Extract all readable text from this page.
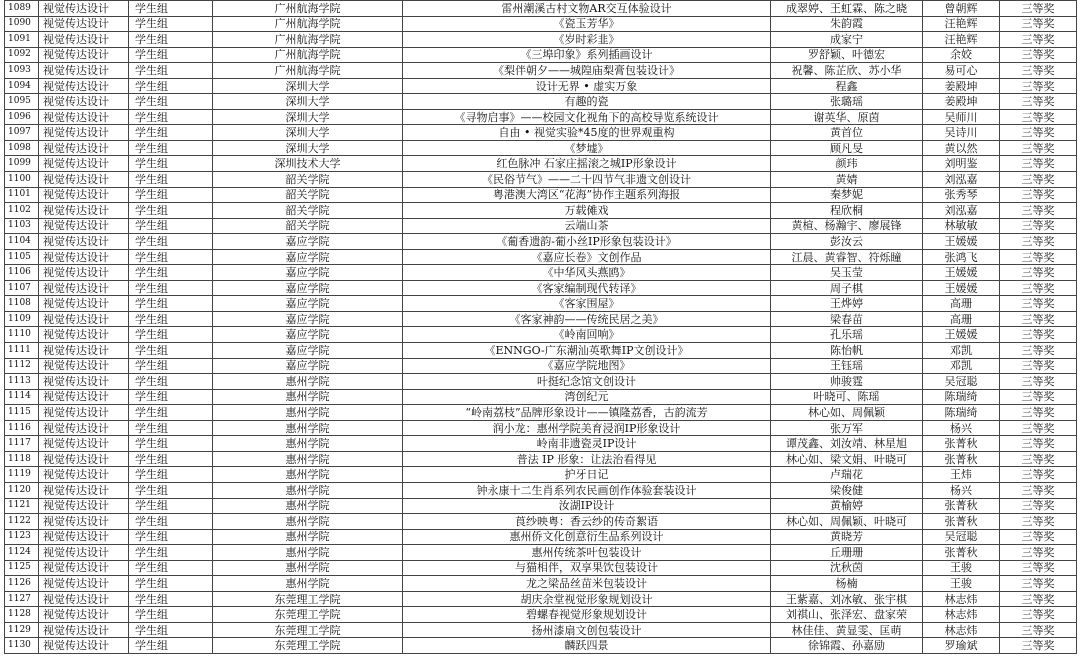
1089	视觉传达设计	学生组	广州航海学院	雷州潮溪古村文物AR交互体验设计	成翠婷、王虹霖、陈之晓	曾朝辉	三等奖
1090	视觉传达设计	学生组	广州航海学院	《瓷玉芳华》	朱韵霞	汪艳辉	三等奖
1091	视觉传达设计	学生组	广州航海学院	《岁时彩韭》	成家宁	汪艳辉	三等奖
1092	视觉传达设计	学生组	广州航海学院	《三埠印象》系列插画设计	罗舒颖、叶德宏	余姣	三等奖
1093	视觉传达设计	学生组	广州航海学院	《梨伴朝夕——城隍庙梨膏包装设计》	祝馨、陈芷欣、苏小华	易可心	三等奖
1094	视觉传达设计	学生组	深圳大学	设计无界 • 虚实万象	程鑫	姜殿坤	三等奖
1095	视觉传达设计	学生组	深圳大学	有趣的瓷	张璐瑶	姜殿坤	三等奖
1096	视觉传达设计	学生组	深圳大学	《寻物启事》——校园文化视角下的高校导览系统设计	谢英华、原茵	吴师川	三等奖
1097	视觉传达设计	学生组	深圳大学	自由 • 视觉实验*45度的世界观重构	黄首位	吴诗川	三等奖
1098	视觉传达设计	学生组	深圳大学	《梦墟》	顾凡旻	黄以然	三等奖
1099	视觉传达设计	学生组	深圳技术大学	红色脉冲 石家庄摇滚之城IP形象设计	颜玮	刘明鉴	三等奖
1100	视觉传达设计	学生组	韶关学院	《民俗节气》——二十四节气非遗文创设计	黄婧	刘泓嘉	三等奖
1101	视觉传达设计	学生组	韶关学院	粤港澳大湾区“花海”协作主题系列海报	秦梦妮	张秀琴	三等奖
1102	视觉传达设计	学生组	韶关学院	万载傩戏	程欣桐	刘泓嘉	三等奖
1103	视觉传达设计	学生组	韶关学院	云端山茶	黄楦、杨瀚宇、廖展锋	林敏敏	三等奖
1104	视觉传达设计	学生组	嘉应学院	《葡香遗韵-葡小丝IP形象包装设计》	彭汝云	王媛媛	三等奖
1105	视觉传达设计	学生组	嘉应学院	《嘉应长卷》文创作品	江晨、黄睿智、符烁瞳	张鸿飞	三等奖
1106	视觉传达设计	学生组	嘉应学院	《中华风头燕鸥》	吴玉莹	王媛媛	三等奖
1107	视觉传达设计	学生组	嘉应学院	《客家编制现代转译》	周子棋	王媛媛	三等奖
1108	视觉传达设计	学生组	嘉应学院	《客家围屋》	王烨婷	高珊	三等奖
1109	视觉传达设计	学生组	嘉应学院	《客家神韵——传统民居之美》	梁春苗	高珊	三等奖
1110	视觉传达设计	学生组	嘉应学院	《岭南回响》	孔乐瑶	王媛媛	三等奖
1111	视觉传达设计	学生组	嘉应学院	《ENNGO-广东潮汕英歌舞IP文创设计》	陈怡帆	邓凯	三等奖
1112	视觉传达设计	学生组	嘉应学院	《嘉应学院地图》	王钰瑶	邓凯	三等奖
1113	视觉传达设计	学生组	惠州学院	叶挺纪念馆文创设计	帅骏霆	吴冠聪	三等奖
1114	视觉传达设计	学生组	惠州学院	湾创纪元	叶晓可、陈瑶	陈瑞绮	三等奖
1115	视觉传达设计	学生组	惠州学院	“岭南荔枝”品牌形象设计——镇隆荔香，古韵流芳	林心如、周佩颖	陈瑞绮	三等奖
1116	视觉传达设计	学生组	惠州学院	润小龙：惠州学院美育浸润IP形象设计	张万军	杨兴	三等奖
1117	视觉传达设计	学生组	惠州学院	岭南非遗瓷灵IP设计	谭茂鑫、刘汝靖、林星旭	张菁秋	三等奖
1118	视觉传达设计	学生组	惠州学院	普法 IP 形象：让法治看得见	林心如、梁文娟、叶晓可	张菁秋	三等奖
1119	视觉传达设计	学生组	惠州学院	护牙日记	卢瑞花	王炜	三等奖
1120	视觉传达设计	学生组	惠州学院	钟永康十二生肖系列农民画创作体验套装设计	梁俊健	杨兴	三等奖
1121	视觉传达设计	学生组	惠州学院	汝湖IP设计	黄榆婷	张菁秋	三等奖
1122	视觉传达设计	学生组	惠州学院	莨纱映粤：香云纱的传奇絮语	林心如、周佩颖、叶晓可	张菁秋	三等奖
1123	视觉传达设计	学生组	惠州学院	惠州侨文化创意衍生品系列设计	黄晓芳	吴冠聪	三等奖
1124	视觉传达设计	学生组	惠州学院	惠州传统茶叶包装设计	丘珊珊	张菁秋	三等奖
1125	视觉传达设计	学生组	惠州学院	与猫相伴，双享果饮包装设计	沈秋茵	王骏	三等奖
1126	视觉传达设计	学生组	惠州学院	龙之梁品丝苗米包装设计	杨楠	王骏	三等奖
1127	视觉传达设计	学生组	东莞理工学院	胡庆余堂视觉形象规划设计	王紫嘉、刘冰敏、张宇棋	林志炜	三等奖
1128	视觉传达设计	学生组	东莞理工学院	碧螺春视觉形象规划设计	刘祺山、张泽宏、盘家荣	林志炜	三等奖
1129	视觉传达设计	学生组	东莞理工学院	扬州漆扇文创包装设计	林佳佳、黄显雯、匡萌	林志炜	三等奖
1130	视觉传达设计	学生组	东莞理工学院	麟跃四景	徐锦霞、孙嘉励	罗瑜斌	三等奖
